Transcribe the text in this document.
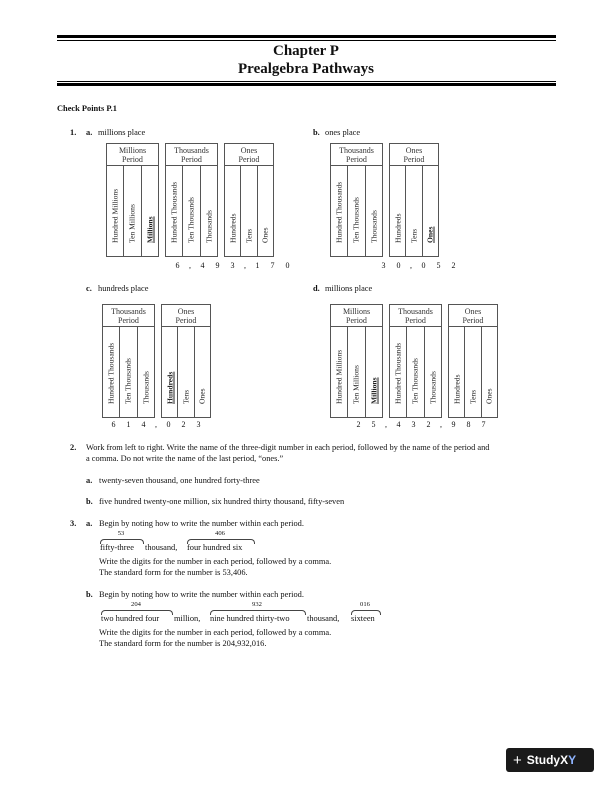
Chapter P
Prealgebra Pathways
Check Points P.1
1. a. millions place	b. ones place
Millions
Period
Hundred Millions Ten Millions Millions
Thousands
Period
Hundred Thousands Ten Thousands Thousands
Ones
Period
Hundreds Tens Ones
6	,	4	9	3	,	1	7	0
Thousands
Period
Hundred Thousands Ten Thousands Thousands
Ones
Period
Hundreds Tens Ones
3	0	,	0	5	2
c. hundreds place	d. millions place
Thousands
Period
Hundred Thousands Ten Thousands Thousands
Ones
Period
Hundreds Tens Ones
6	1	4	,	0	2	3
Millions
Period
Hundred Millions Ten Millions Millions
Thousands
Period
Hundred Thousands Ten Thousands Thousands
Ones
Period
Hundreds Tens Ones
2	5	,	4	3	2	,	9	8	7
2. Work from left to right. Write the name of the three-digit number in each period, followed by the name of the period and
a comma. Do not write the name of the last period, “ones.”
a. twenty-seven thousand, one hundred forty-three
b. five hundred twenty-one million, six hundred thirty thousand, fifty-seven
3. a. Begin by noting how to write the number within each period.
53	406
fifty-three thousand, four hundred six
Write the digits for the number in each period, followed by a comma.
The standard form for the number is 53,406.
b. Begin by noting how to write the number within each period.
204	932	016
two hundred four million, nine hundred thirty-two thousand, sixteen
Write the digits for the number in each period, followed by a comma.
The standard form for the number is 204,932,016.
+ StudyX Y
